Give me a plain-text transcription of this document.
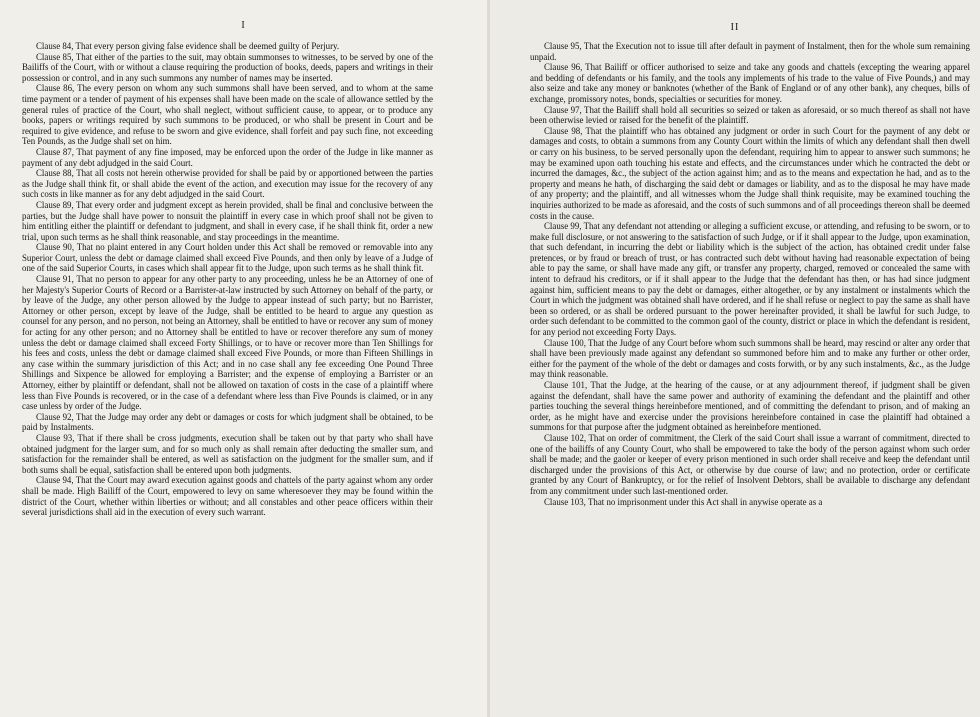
I

Clause 84, That every person giving false evidence shall be deemed guilty of Perjury.

Clause 85, That either of the parties to the suit, may obtain summonses to witnesses, to be served by one of the Bailiffs of the Court, with or without a clause requiring the production of books, deeds, papers and writings in their possession or control, and in any such summons any number of names may be inserted.

Clause 86, The every person on whom any such summons shall have been served, and to whom at the same time payment or a tender of payment of his expenses shall have been made on the scale of allowance settled by the general rules of practice of the Court, who shall neglect, without sufficient cause, to appear, or to produce any books, papers or writings required by such summons to be produced, or who shall be present in Court and be required to give evidence, and refuse to be sworn and give evidence, shall forfeit and pay such fine, not exceeding Ten Pounds, as the Judge shall set on him.

Clause 87, That payment of any fine imposed, may be enforced upon the order of the Judge in like manner as payment of any debt adjudged in the said Court.

Clause 88, That all costs not herein otherwise provided for shall be paid by or apportioned between the parties as the Judge shall think fit, or shall abide the event of the action, and execution may issue for the recovery of any such costs in like manner as for any debt adjudged in the said Court.

Clause 89, That every order and judgment except as herein provided, shall be final and conclusive between the parties, but the Judge shall have power to nonsuit the plaintiff in every case in which proof shall not be given to him entitling either the plaintiff or defendant to judgment, and shall in every case, if he shall think fit, order a new trial, upon such terms as he shall think reasonable, and stay proceedings in the meantime.

Clause 90, That no plaint entered in any Court holden under this Act shall be removed or removable into any Superior Court, unless the debt or damage claimed shall exceed Five Pounds, and then only by leave of a Judge of one of the said Superior Courts, in cases which shall appear fit to the Judge, upon such terms as he shall think fit.

Clause 91, That no person to appear for any other party to any proceeding, unless he be an Attorney of one of her Majesty's Superior Courts of Record or a Barrister-at-law instructed by such Attorney on behalf of the party, or by leave of the Judge, any other person allowed by the Judge to appear instead of such party; but no Barrister, Attorney or other person, except by leave of the Judge, shall be entitled to be heard to argue any question as counsel for any person, and no person, not being an Attorney, shall be entitled to have or recover any sum of money for acting for any other person; and no Attorney shall be entitled to have or recover therefore any sum of money unless the debt or damage claimed shall exceed Forty Shillings, or to have or recover more than Ten Shillings for his fees and costs, unless the debt or damage claimed shall exceed Five Pounds, or more than Fifteen Shillings in any case within the summary jurisdiction of this Act; and in no case shall any fee exceeding One Pound Three Shillings and Sixpence be allowed for employing a Barrister; and the expense of employing a Barrister or an Attorney, either by plaintiff or defendant, shall not be allowed on taxation of costs in the case of a plaintiff where less than Five Pounds is recovered, or in the case of a defendant where less than Five Pounds is claimed, or in any case unless by order of the Judge.

Clause 92, That the Judge may order any debt or damages or costs for which judgment shall be obtained, to be paid by Instalments.

Clause 93, That if there shall be cross judgments, execution shall be taken out by that party who shall have obtained judgment for the larger sum, and for so much only as shall remain after deducting the smaller sum, and satisfaction for the remainder shall be entered, as well as satisfaction on the judgment for the smaller sum, and if both sums shall be equal, satisfaction shall be entered upon both judgments.

Clause 94, That the Court may award execution against goods and chattels of the party against whom any order shall be made. High Bailiff of the Court, empowered to levy on same wheresoever they may be found within the district of the Court, whether within liberties or without; and all constables and other peace officers within their several jurisdictions shall aid in the execution of every such warrant.

II

Clause 95, That the Execution not to issue till after default in payment of Instalment, then for the whole sum remaining unpaid.

Clause 96, That Bailiff or officer authorised to seize and take any goods and chattels (excepting the wearing apparel and bedding of defendants or his family, and the tools any implements of his trade to the value of Five Pounds,) and may also seize and take any money or banknotes (whether of the Bank of England or of any other bank), any cheques, bills of exchange, promissory notes, bonds, specialties or securities for money.

Clause 97, That the Bailiff shall hold all securities so seized or taken as aforesaid, or so much thereof as shall not have been otherwise levied or raised for the benefit of the plaintiff.

Clause 98, That the plaintiff who has obtained any judgment or order in such Court for the payment of any debt or damages and costs, to obtain a summons from any County Court within the limits of which any defendant shall then dwell or carry on his business, to be served personally upon the defendant, requiring him to appear to answer such summons; he may be examined upon oath touching his estate and effects, and the circumstances under which he contracted the debt or incurred the damages, &c., the subject of the action against him; and as to the means and expectation he had, and as to the property and means he hath, of discharging the said debt or damages or liability, and as to the disposal he may have made of any property; and the plaintiff, and all witnesses whom the Judge shall think requisite, may be examined touching the inquiries authorized to be made as aforesaid, and the costs of such summons and of all proceedings thereon shall be deemed costs in the cause.

Clause 99, That any defendant not attending or alleging a sufficient excuse, or attending, and refusing to be sworn, or to make full disclosure, or not answering to the satisfaction of such Judge, or if it shall appear to the Judge, upon examination, that such defendant, in incurring the debt or liability which is the subject of the action, has obtained credit under false pretences, or by fraud or breach of trust, or has contracted such debt without having had reasonable expectation of being able to pay the same, or shall have made any gift, or transfer any property, charged, removed or concealed the same with intent to defraud his creditors, or if it shall appear to the Judge that the defendant has then, or has had since judgment against him, sufficient means to pay the debt or damages, either altogether, or by any instalment or instalments which the Court in which the judgment was obtained shall have ordered, and if he shall refuse or neglect to pay the same as shall have been so ordered, or as shall be ordered pursuant to the power hereinafter provided, it shall be lawful for such Judge, to order such defendant to be committed to the common gaol of the county, district or place in which the defendant is resident, for any period not exceeding Forty Days.

Clause 100, That the Judge of any Court before whom such summons shall be heard, may rescind or alter any order that shall have been previously made against any defendant so summoned before him and to make any further or other order, either for the payment of the whole of the debt or damages and costs forwith, or by any such instalments, &c., as the Judge may think reasonable.

Clause 101, That the Judge, at the hearing of the cause, or at any adjournment thereof, if judgment shall be given against the defendant, shall have the same power and authority of examining the defendant and the plaintiff and other parties touching the several things hereinbefore mentioned, and of committing the defendant to prison, and of making an order, as he might have and exercise under the provisions hereinbefore contained in case the plaintiff had obtained a summons for that purpose after the judgment obtained as hereinbefore mentioned.

Clause 102, That on order of commitment, the Clerk of the said Court shall issue a warrant of commitment, directed to one of the bailiffs of any County Court, who shall be empowered to take the body of the person against whom such order shall be made; and the gaoler or keeper of every prison mentioned in such order shall receive and keep the defendant until discharged under the provisions of this Act, or otherwise by due course of law; and no protection, order or certificate granted by any Court of Bankruptcy, or for the relief of Insolvent Debtors, shall be available to discharge any defendant from any commitment under such last-mentioned order.

Clause 103, That no imprisonment under this Act shall in anywise operate as a
